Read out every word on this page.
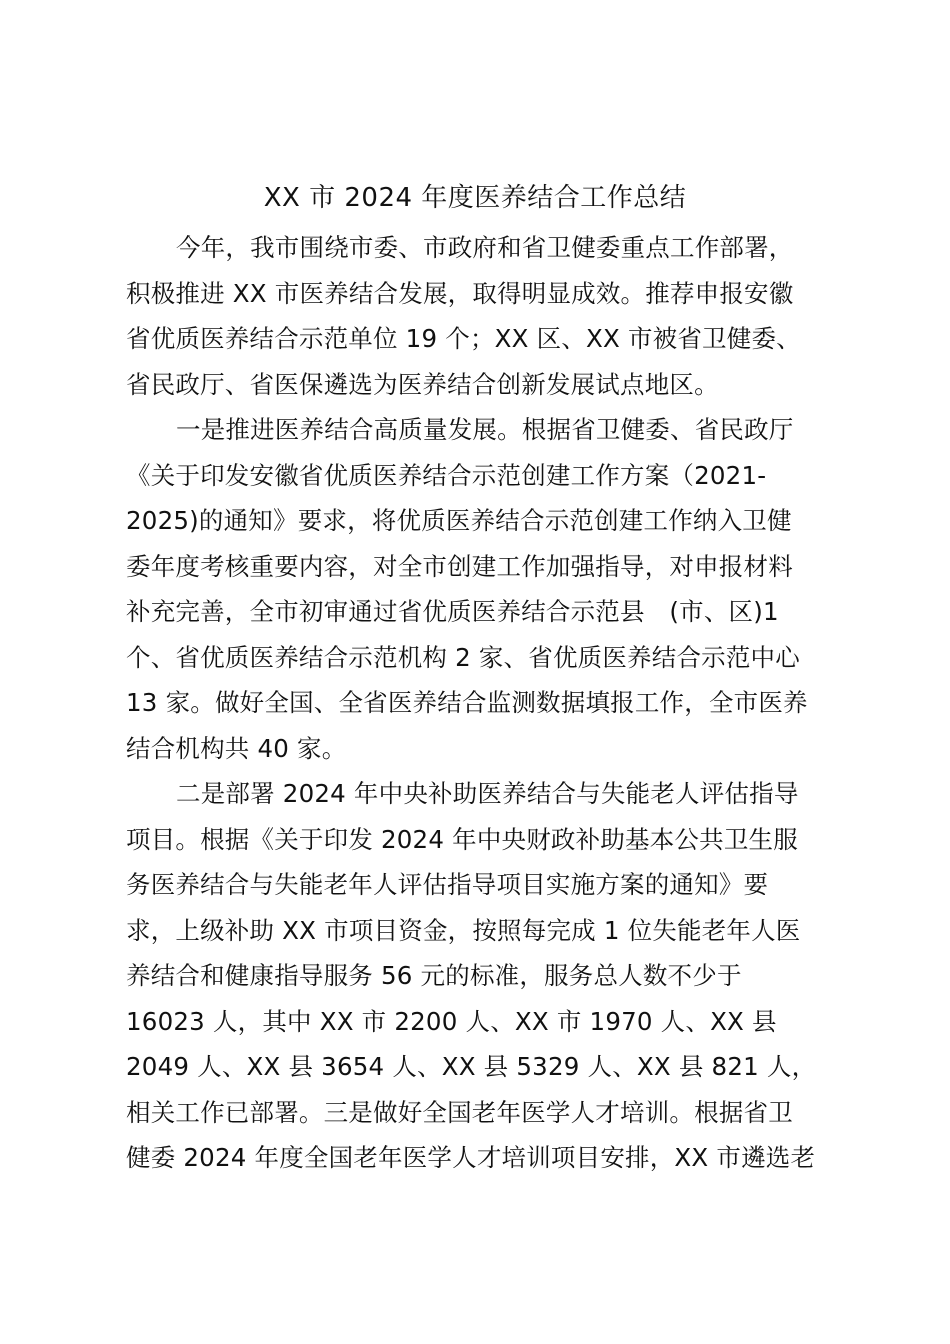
XX 市 2024 年度医养结合工作总结
今年，我市围绕市委、市政府和省卫健委重点工作部署，
积极推进 XX 市医养结合发展，取得明显成效。推荐申报安徽
省优质医养结合示范单位 19 个；XX 区、XX 市被省卫健委、
省民政厅、省医保遴选为医养结合创新发展试点地区。
一是推进医养结合高质量发展。根据省卫健委、省民政厅
《关于印发安徽省优质医养结合示范创建工作方案（2021-
2025)的通知》要求，将优质医养结合示范创建工作纳入卫健
委年度考核重要内容，对全市创建工作加强指导，对申报材料
补充完善，全市初审通过省优质医养结合示范县　(市、区)1
个、省优质医养结合示范机构 2 家、省优质医养结合示范中心
13 家。做好全国、全省医养结合监测数据填报工作，全市医养
结合机构共 40 家。
二是部署 2024 年中央补助医养结合与失能老人评估指导
项目。根据《关于印发 2024 年中央财政补助基本公共卫生服
务医养结合与失能老年人评估指导项目实施方案的通知》要
求，上级补助 XX 市项目资金，按照每完成 1 位失能老年人医
养结合和健康指导服务 56 元的标准，服务总人数不少于
16023 人，其中 XX 市 2200 人、XX 市 1970 人、XX 县
2049 人、XX 县 3654 人、XX 县 5329 人、XX 县 821 人，
相关工作已部署。三是做好全国老年医学人才培训。根据省卫
健委 2024 年度全国老年医学人才培训项目安排，XX 市遴选老
